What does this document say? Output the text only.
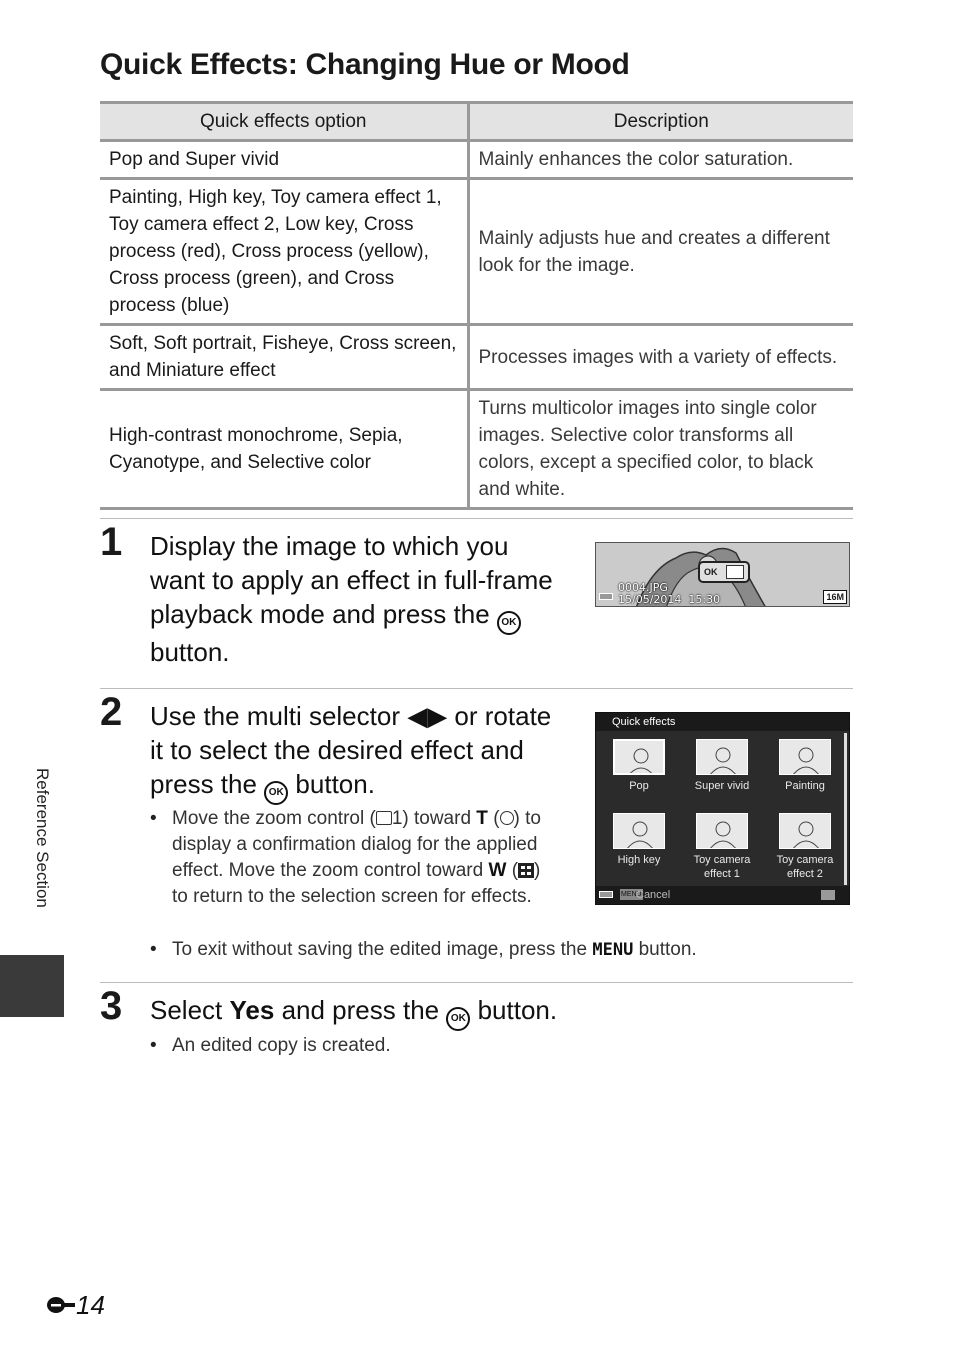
Quick Effects: Changing Hue or Mood
Quick effects option	Description
Pop and Super vivid	Mainly enhances the color saturation.
Painting, High key, Toy camera effect 1, Toy camera effect 2, Low key, Cross process (red), Cross process (yellow), Cross process (green), and Cross process (blue)	Mainly adjusts hue and creates a different look for the image.
Soft, Soft portrait, Fisheye, Cross screen, and Miniature effect	Processes images with a variety of effects.
High-contrast monochrome, Sepia, Cyanotype, and Selective color	Turns multicolor images into single color images. Selective color transforms all colors, except a specified color, to black and white.
1 Display the image to which you want to apply an effect in full-frame playback mode and press the OK button.
OK
0004.JPG
15/05/2014  15:30	16M
2 Use the multi selector ◀▶ or rotate it to select the desired effect and press the OK button.
• Move the zoom control ( 1) toward T ( ) to display a confirmation dialog for the applied effect. Move the zoom control toward W ( ) to return to the selection screen for effects.
• To exit without saving the edited image, press the MENU button.
Quick effects
Pop	Super vivid	Painting
High key	Toy camera effect 1
Toy camera effect 2
MENU
Cancel
3 Select Yes and press the OK button.
• An edited copy is created.
Reference Section
14
